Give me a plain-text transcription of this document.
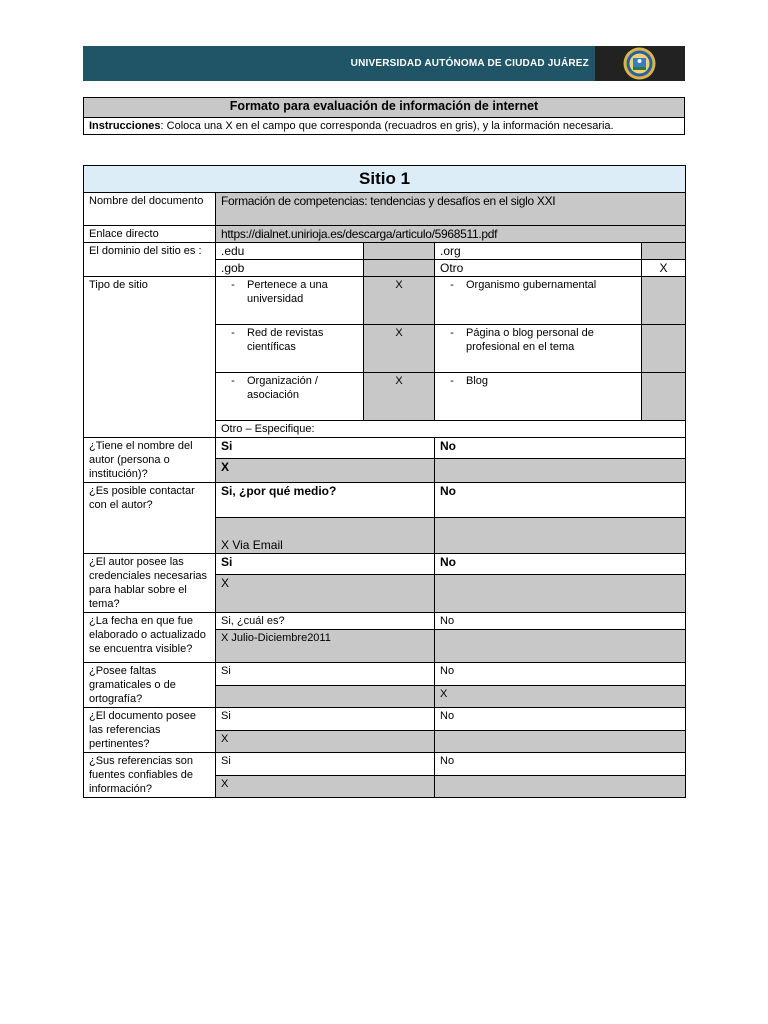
UNIVERSIDAD AUTÓNOMA DE CIUDAD JUÁREZ
Formato para evaluación de información de internet
Instrucciones: Coloca una X en el campo que corresponda (recuadros en gris), y la información necesaria.
Sitio 1				
Nombre del documento	Formación de competencias: tendencias y desafíos en el siglo XXI			
Enlace directo	https://dialnet.unirioja.es/descarga/articulo/5968511.pdf			
El dominio del sitio es :	.edu		.org	
	.gob		Otro	X
Tipo de sitio	- Pertenece a una universidad	X	- Organismo gubernamental	

	- Red de revistas científicas	X	- Página o blog personal de profesional en el tema	

	- Organización / asociación	X	- Blog	

	Otro – Especifique:			
¿Tiene el nombre del autor (persona o institución)?	Si		No	
	X			
¿Es posible contactar con el autor?	Si, ¿por qué medio?		No	
	X Via Email			
¿El autor posee las credenciales necesarias para hablar sobre el tema?	Si		No	
	X			
¿La fecha en que fue elaborado o actualizado se encuentra visible?	Si, ¿cuál es?		No	
	X Julio-Diciembre2011			
¿Posee faltas gramaticales o de ortografía?	Si		No	
			X	
¿El documento posee las referencias pertinentes?	Si		No	
	X			
¿Sus referencias son fuentes confiables de información?	Si		No	
	X			
